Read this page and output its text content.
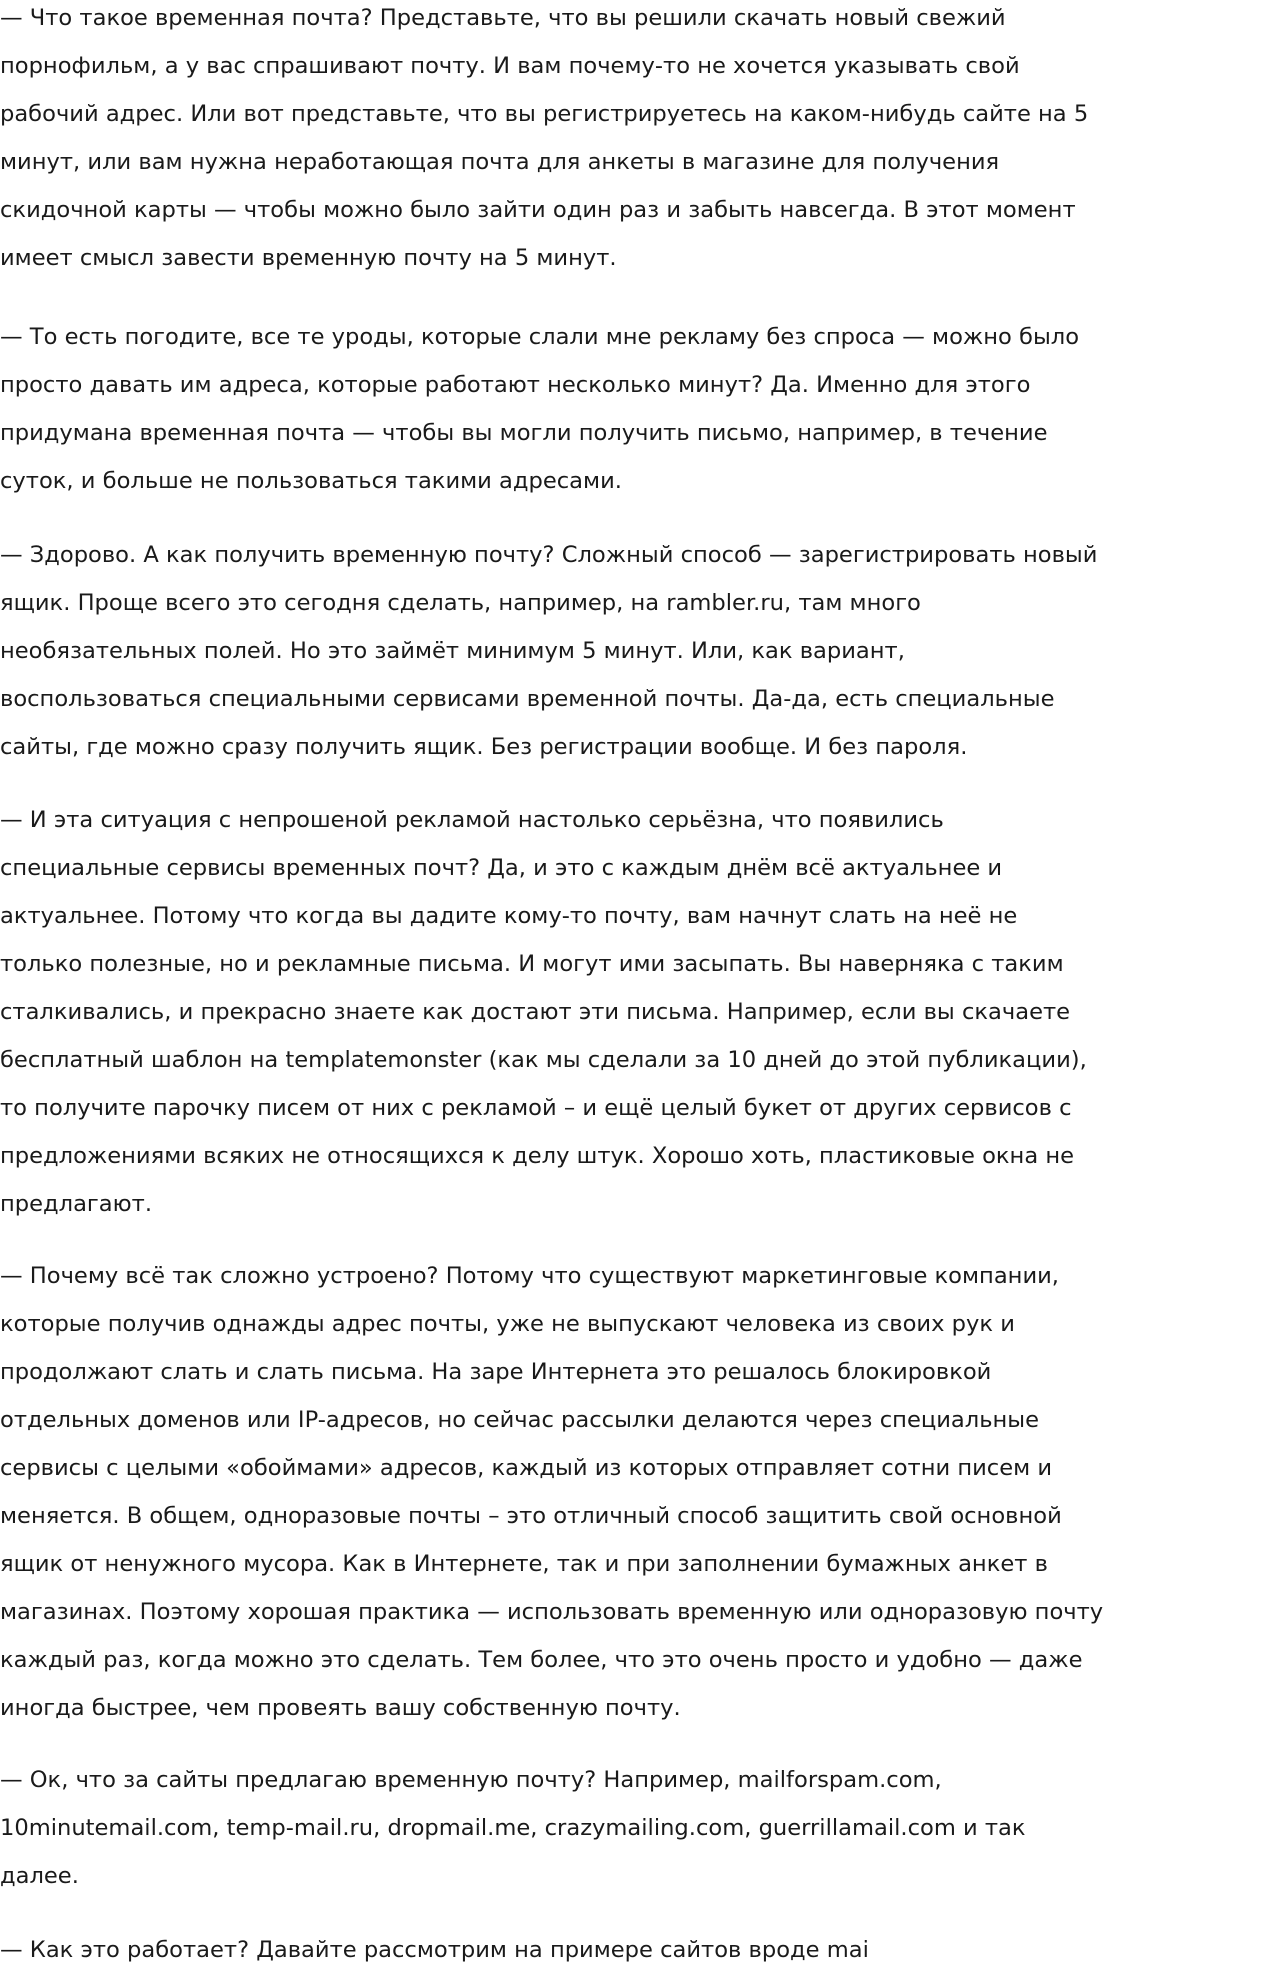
— Что такое временная почта? Представьте, что вы решили скачать новый свежий
порнофильм, а у вас спрашивают почту. И вам почему-то не хочется указывать свой
рабочий адрес. Или вот представьте, что вы регистрируетесь на каком-нибудь сайте на 5
минут, или вам нужна неработающая почта для анкеты в магазине для получения
скидочной карты — чтобы можно было зайти один раз и забыть навсегда. В этот момент
имеет смысл завести временную почту на 5 минут.

— То есть погодите, все те уроды, которые слали мне рекламу без спроса — можно было
просто давать им адреса, которые работают несколько минут? Да. Именно для этого
придумана временная почта — чтобы вы могли получить письмо, например, в течение
суток, и больше не пользоваться такими адресами.

— Здорово. А как получить временную почту? Сложный способ — зарегистрировать новый
ящик. Проще всего это сегодня сделать, например, на rambler.ru, там много
необязательных полей. Но это займёт минимум 5 минут. Или, как вариант,
воспользоваться специальными сервисами временной почты. Да-да, есть специальные
сайты, где можно сразу получить ящик. Без регистрации вообще. И без пароля.

— И эта ситуация с непрошеной рекламой настолько серьёзна, что появились
специальные сервисы временных почт? Да, и это с каждым днём всё актуальнее и
актуальнее. Потому что когда вы дадите кому-то почту, вам начнут слать на неё не
только полезные, но и рекламные письма. И могут ими засыпать. Вы наверняка с таким
сталкивались, и прекрасно знаете как достают эти письма. Например, если вы скачаете
бесплатный шаблон на templatemonster (как мы сделали за 10 дней до этой публикации),
то получите парочку писем от них с рекламой – и ещё целый букет от других сервисов с
предложениями всяких не относящихся к делу штук. Хорошо хоть, пластиковые окна не
предлагают.

— Почему всё так сложно устроено? Потому что существуют маркетинговые компании,
которые получив однажды адрес почты, уже не выпускают человека из своих рук и
продолжают слать и слать письма. На заре Интернета это решалось блокировкой
отдельных доменов или IP-адресов, но сейчас рассылки делаются через специальные
сервисы с целыми «обоймами» адресов, каждый из которых отправляет сотни писем и
меняется. В общем, одноразовые почты – это отличный способ защитить свой основной
ящик от ненужного мусора. Как в Интернете, так и при заполнении бумажных анкет в
магазинах. Поэтому хорошая практика — использовать временную или одноразовую почту
каждый раз, когда можно это сделать. Тем более, что это очень просто и удобно — даже
иногда быстрее, чем провеять вашу собственную почту.

— Ок, что за сайты предлагаю временную почту? Например, mailforspam.com,
10minutemail.com, temp-mail.ru, dropmail.me, crazymailing.com, guerrillamail.com и так
далее.

— Как это работает? Давайте рассмотрим на примере сайтов вроде mai
